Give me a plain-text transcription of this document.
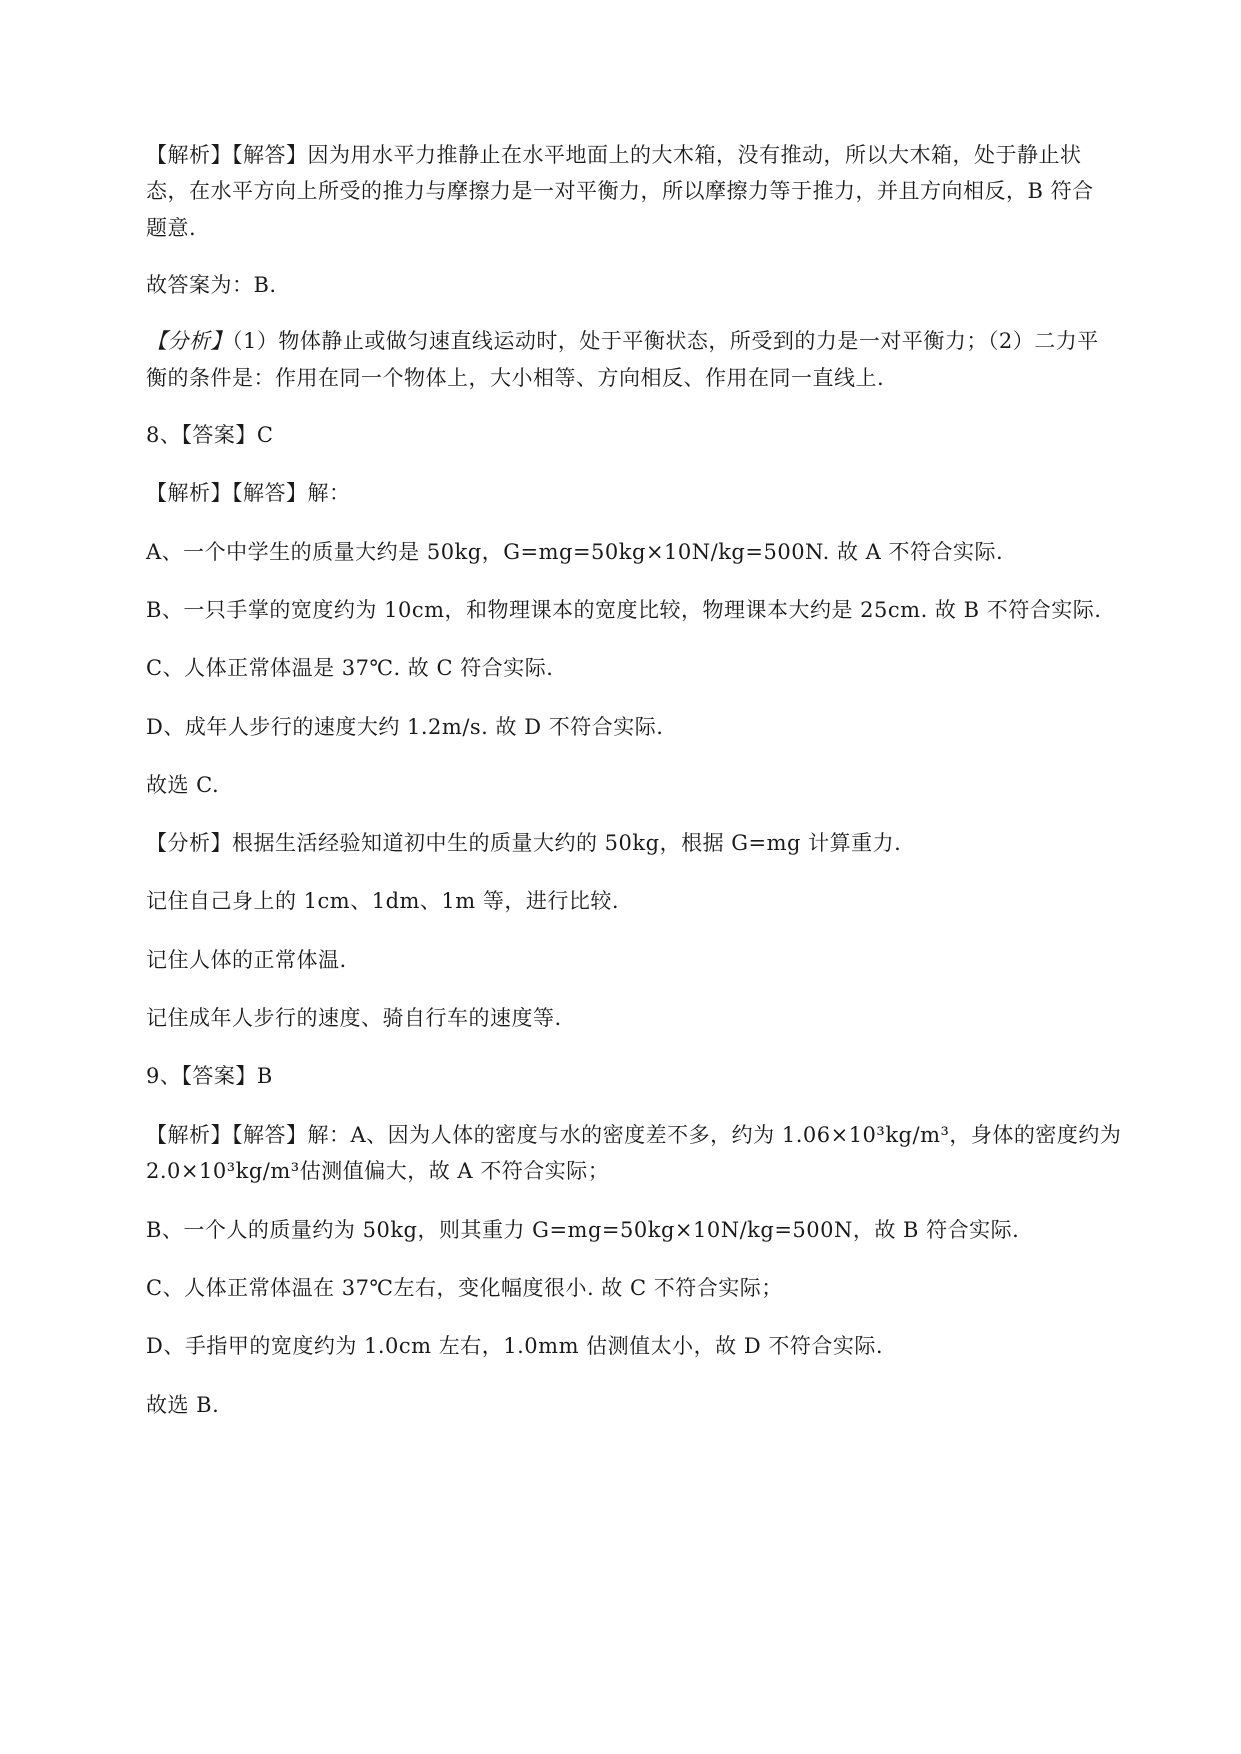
【解析】【解答】因为用水平力推静止在水平地面上的大木箱，没有推动，所以大木箱，处于静止状
态，在水平方向上所受的推力与摩擦力是一对平衡力，所以摩擦力等于推力，并且方向相反，B 符合
题意.
故答案为：B.
【分析】（1）物体静止或做匀速直线运动时，处于平衡状态，所受到的力是一对平衡力；（2）二力平
衡的条件是：作用在同一个物体上，大小相等、方向相反、作用在同一直线上.
8、【答案】C
【解析】【解答】解：
A、一个中学生的质量大约是 50kg，G=mg=50kg×10N/kg=500N. 故 A 不符合实际.
B、一只手掌的宽度约为 10cm，和物理课本的宽度比较，物理课本大约是 25cm. 故 B 不符合实际.
C、人体正常体温是 37℃. 故 C 符合实际.
D、成年人步行的速度大约 1.2m/s. 故 D 不符合实际.
故选 C.
【分析】根据生活经验知道初中生的质量大约的 50kg，根据 G=mg 计算重力.
记住自己身上的 1cm、1dm、1m 等，进行比较.
记住人体的正常体温.
记住成年人步行的速度、骑自行车的速度等.
9、【答案】B
【解析】【解答】解：A、因为人体的密度与水的密度差不多，约为 1.06×10³kg/m³，身体的密度约为
2.0×10³kg/m³估测值偏大，故 A 不符合实际；
B、一个人的质量约为 50kg，则其重力 G=mg=50kg×10N/kg=500N，故 B 符合实际.
C、人体正常体温在 37℃左右，变化幅度很小. 故 C 不符合实际；
D、手指甲的宽度约为 1.0cm 左右，1.0mm 估测值太小，故 D 不符合实际.
故选 B.
